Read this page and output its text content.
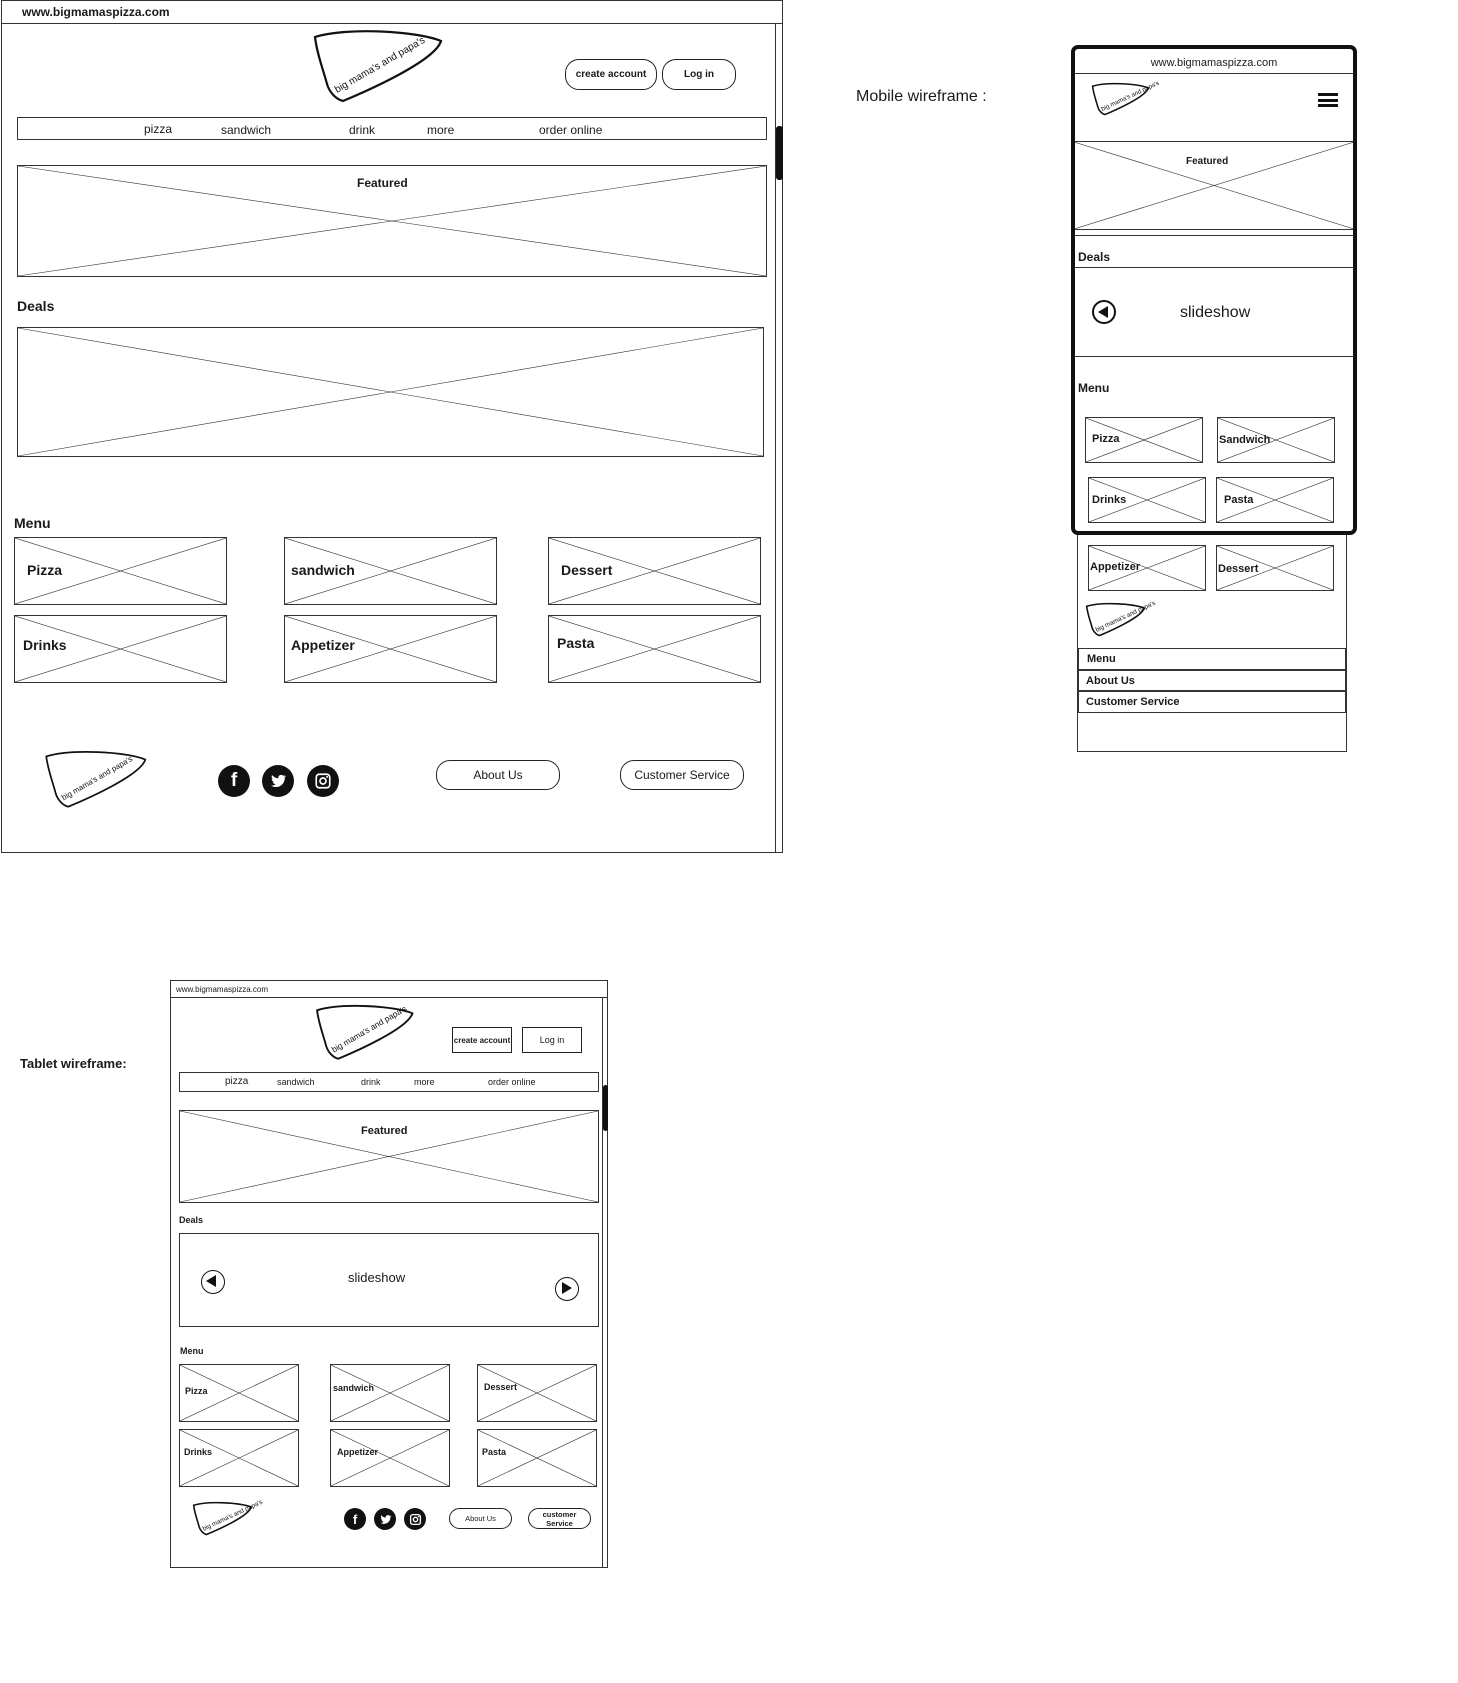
www.bigmamaspizza.com
big mama's and papa's	create account	Log in
pizza	sandwich	drink	more	order online
Featured
Deals
Menu
Pizza	sandwich	Dessert
Drinks	Appetizer	Pasta
big mama's and papa's	f	About Us	Customer Service
Mobile wireframe :
Appetizer	Dessert
big mama's and papa's
Menu
About Us
Customer Service
www.bigmamaspizza.com
big mama's and papa's
Featured
Deals
slideshow
Menu
Pizza	Sandwich
Drinks	Pasta
Tablet wireframe:
www.bigmamaspizza.com
big mama's and papa's	create account	Log in
pizza	sandwich	drink	more	order online
Featured
Deals
slideshow
Menu
Pizza	sandwich	Dessert
Drinks	Appetizer	Pasta
big mama's and papa's	f	About Us	customer Service
